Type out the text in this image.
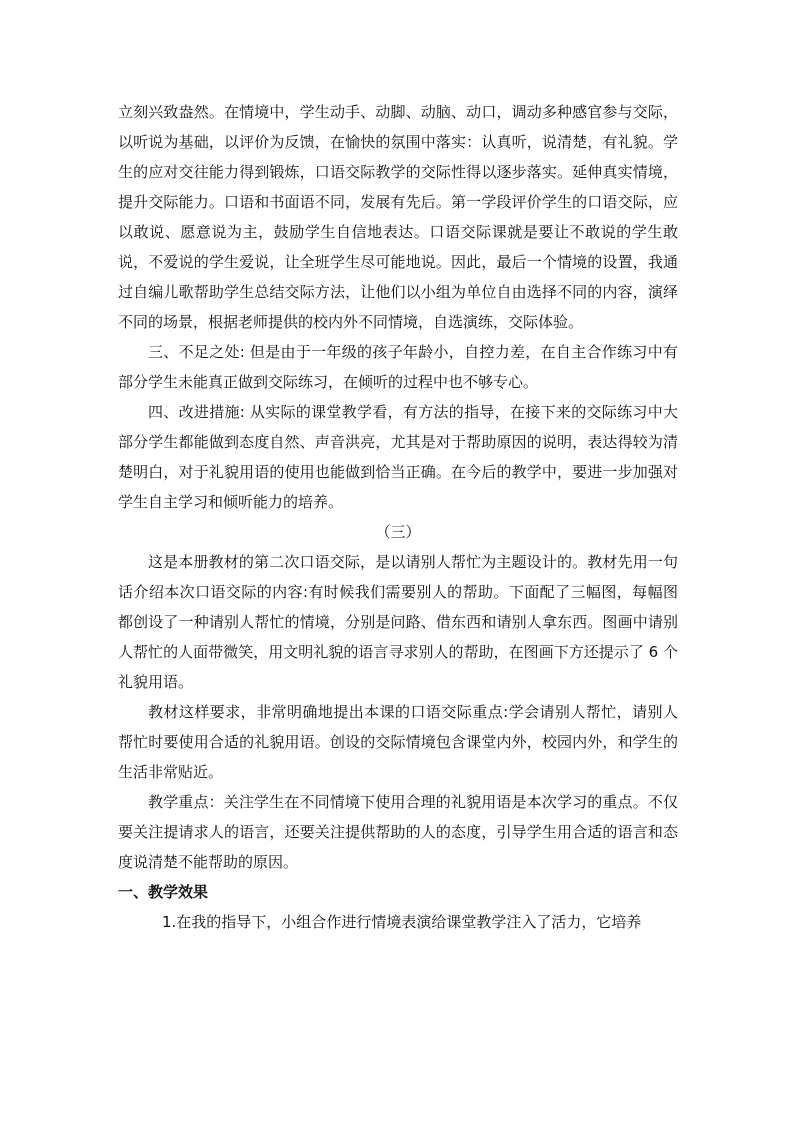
立刻兴致盎然。在情境中，学生动手、动脚、动脑、动口，调动多种感官参与交际，以听说为基础，以评价为反馈，在愉快的氛围中落实：认真听，说清楚，有礼貌。学生的应对交往能力得到锻炼，口语交际教学的交际性得以逐步落实。延伸真实情境，提升交际能力。口语和书面语不同，发展有先后。第一学段评价学生的口语交际，应以敢说、愿意说为主，鼓励学生自信地表达。口语交际课就是要让不敢说的学生敢说，不爱说的学生爱说，让全班学生尽可能地说。因此，最后一个情境的设置，我通过自编儿歌帮助学生总结交际方法，让他们以小组为单位自由选择不同的内容，演绎不同的场景，根据老师提供的校内外不同情境，自选演练，交际体验。

三、不足之处: 但是由于一年级的孩子年龄小，自控力差，在自主合作练习中有部分学生未能真正做到交际练习，在倾听的过程中也不够专心。

四、改进措施: 从实际的课堂教学看，有方法的指导，在接下来的交际练习中大部分学生都能做到态度自然、声音洪亮，尤其是对于帮助原因的说明，表达得较为清楚明白，对于礼貌用语的使用也能做到恰当正确。在今后的教学中，要进一步加强对学生自主学习和倾听能力的培养。

（三）

这是本册教材的第二次口语交际，是以请别人帮忙为主题设计的。教材先用一句话介绍本次口语交际的内容:有时候我们需要别人的帮助。下面配了三幅图，每幅图都创设了一种请别人帮忙的情境，分别是问路、借东西和请别人拿东西。图画中请别人帮忙的人面带微笑，用文明礼貌的语言寻求别人的帮助，在图画下方还提示了 6 个礼貌用语。

教材这样要求，非常明确地提出本课的口语交际重点:学会请别人帮忙，请别人帮忙时要使用合适的礼貌用语。创设的交际情境包含课堂内外，校园内外，和学生的生活非常贴近。

教学重点：关注学生在不同情境下使用合理的礼貌用语是本次学习的重点。不仅要关注提请求人的语言，还要关注提供帮助的人的态度，引导学生用合适的语言和态度说清楚不能帮助的原因。

一、教学效果

1.在我的指导下，小组合作进行情境表演给课堂教学注入了活力，它培养
